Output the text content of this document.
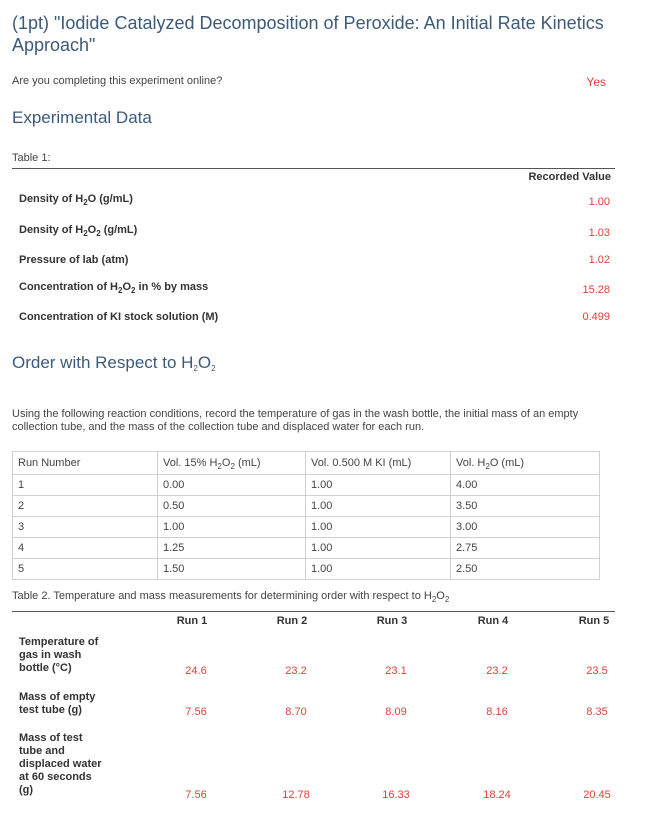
(1pt) "Iodide Catalyzed Decomposition of Peroxide: An Initial Rate Kinetics Approach"
Are you completing this experiment online?	Yes
Experimental Data
Table 1:
Recorded Value
Density of $H_2O$ (g/mL)	1.00
Density of $H_2O_2$ (g/mL)	1.03
Pressure of lab (atm)	1.02
Concentration of $H_2O_2$ in % by mass	15.28
Concentration of KI stock solution (M)	0.499
Order with Respect to $H_2O_2$
Using the following reaction conditions, record the temperature of gas in the wash bottle, the initial mass of an empty collection tube, and the mass of the collection tube and displaced water for each run.
Run Number	Vol. 15% $H_2O_2$ (mL)	Vol. 0.500 M KI (mL)	Vol. $H_2O$ (mL)
1	0.00	1.00	4.00
2	0.50	1.00	3.50
3	1.00	1.00	3.00
4	1.25	1.00	2.75
5	1.50	1.00	2.50
Table 2. Temperature and mass measurements for determining order with respect to $H_2O_2$
Run 1	Run 2	Run 3	Run 4	Run 5
Temperature of gas in wash bottle (°C)	24.6	23.2	23.1	23.2	23.5
Mass of empty test tube (g)	7.56	8.70	8.09	8.16	8.35
Mass of test tube and displaced water at 60 seconds (g)	7.56	12.78	16.33	18.24	20.45
